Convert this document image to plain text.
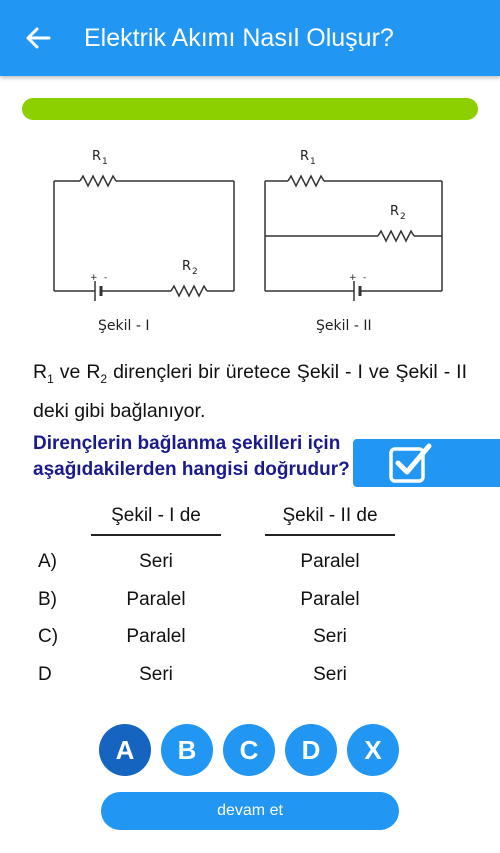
Elektrik Akımı Nasıl Oluşur?
R 1
R 2
+ -
Şekil - I
R 1
R 2
+ -
Şekil - II
$R_1$ ve $R_2$ dirençleri bir üretece Şekil - I ve Şekil - II deki gibi bağlanıyor.
Dirençlerin bağlanma şekilleri için aşağıdakilerden hangisi doğrudur?
Şekil - I de	Şekil - II de
A)	Seri	Paralel
B)	Paralel	Paralel
C)	Paralel	Seri
D	Seri	Seri
A	B	C	D	X
devam et
